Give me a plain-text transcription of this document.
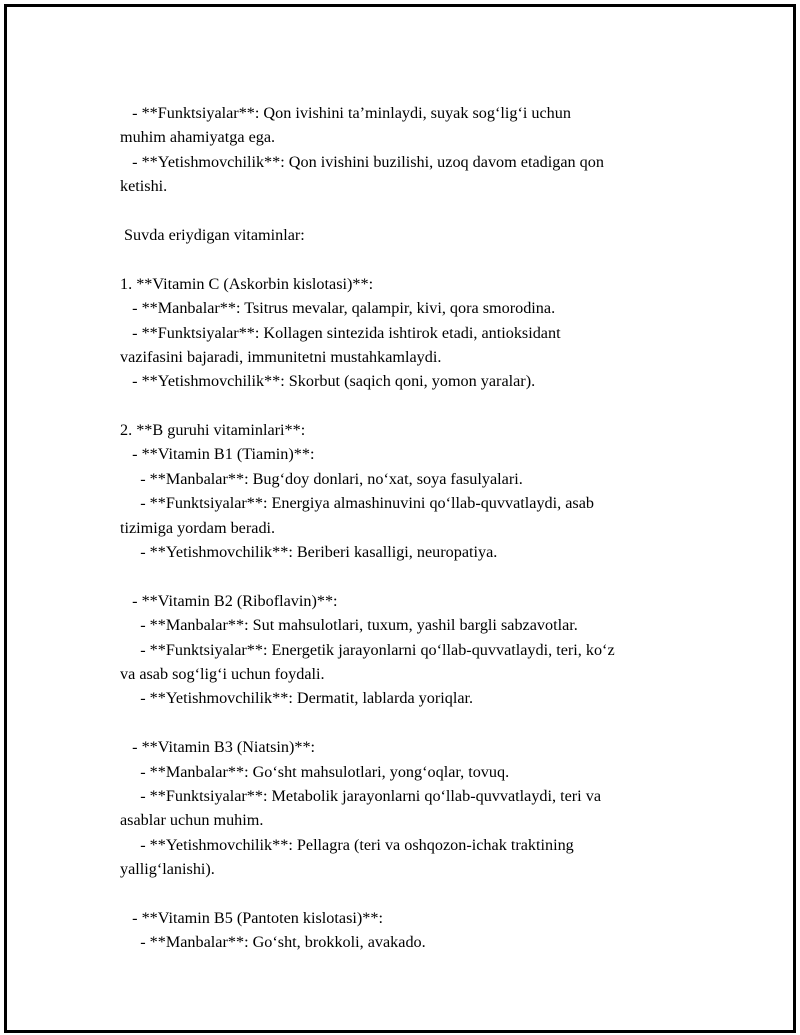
- **Funktsiyalar**: Qon ivishini ta’minlaydi, suyak sog‘lig‘i uchun
muhim ahamiyatga ega.
- **Yetishmovchilik**: Qon ivishini buzilishi, uzoq davom etadigan qon
ketishi.
Suvda eriydigan vitaminlar:
1. **Vitamin C (Askorbin kislotasi)**:
- **Manbalar**: Tsitrus mevalar, qalampir, kivi, qora smorodina.
- **Funktsiyalar**: Kollagen sintezida ishtirok etadi, antioksidant
vazifasini bajaradi, immunitetni mustahkamlaydi.
- **Yetishmovchilik**: Skorbut (saqich qoni, yomon yaralar).
2. **B guruhi vitaminlari**:
- **Vitamin B1 (Tiamin)**:
- **Manbalar**: Bug‘doy donlari, no‘xat, soya fasulyalari.
- **Funktsiyalar**: Energiya almashinuvini qo‘llab-quvvatlaydi, asab
tizimiga yordam beradi.
- **Yetishmovchilik**: Beriberi kasalligi, neuropatiya.
- **Vitamin B2 (Riboflavin)**:
- **Manbalar**: Sut mahsulotlari, tuxum, yashil bargli sabzavotlar.
- **Funktsiyalar**: Energetik jarayonlarni qo‘llab-quvvatlaydi, teri, ko‘z
va asab sog‘lig‘i uchun foydali.
- **Yetishmovchilik**: Dermatit, lablarda yoriqlar.
- **Vitamin B3 (Niatsin)**:
- **Manbalar**: Go‘sht mahsulotlari, yong‘oqlar, tovuq.
- **Funktsiyalar**: Metabolik jarayonlarni qo‘llab-quvvatlaydi, teri va
asablar uchun muhim.
- **Yetishmovchilik**: Pellagra (teri va oshqozon-ichak traktining
yallig‘lanishi).
- **Vitamin B5 (Pantoten kislotasi)**:
- **Manbalar**: Go‘sht, brokkoli, avakado.
